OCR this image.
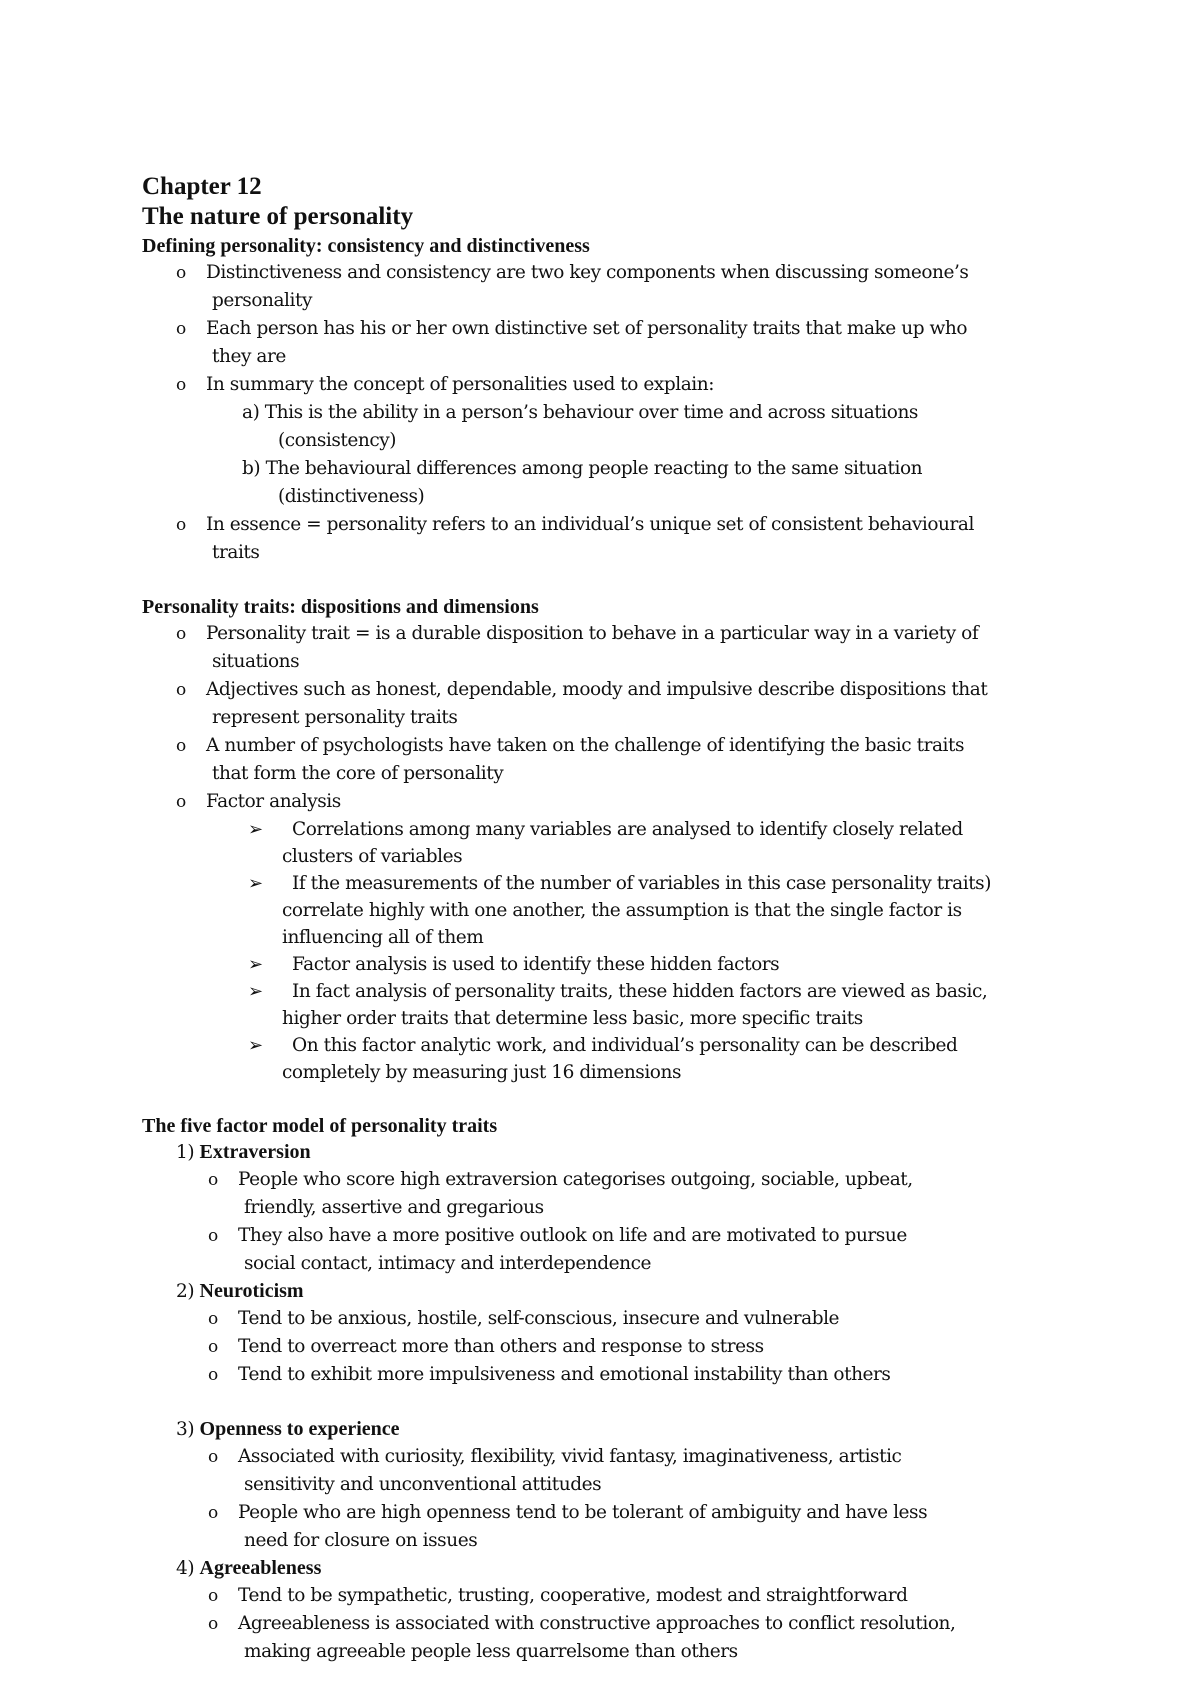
Chapter 12
The nature of personality
Defining personality: consistency and distinctiveness
o	Distinctiveness and consistency are two key components when discussing someone’s
personality
o	Each person has his or her own distinctive set of personality traits that make up who
they are
o	In summary the concept of personalities used to explain:
a) This is the ability in a person’s behaviour over time and across situations
(consistency)
b) The behavioural differences among people reacting to the same situation
(distinctiveness)
o	In essence = personality refers to an individual’s unique set of consistent behavioural
traits
Personality traits: dispositions and dimensions
o	Personality trait = is a durable disposition to behave in a particular way in a variety of
situations
o	Adjectives such as honest, dependable, moody and impulsive describe dispositions that
represent personality traits
o	A number of psychologists have taken on the challenge of identifying the basic traits
that form the core of personality
o	Factor analysis
➢ Correlations among many variables are analysed to identify closely related
clusters of variables
➢ If the measurements of the number of variables in this case personality traits)
correlate highly with one another, the assumption is that the single factor is
influencing all of them
➢ Factor analysis is used to identify these hidden factors
➢ In fact analysis of personality traits, these hidden factors are viewed as basic,
higher order traits that determine less basic, more specific traits
➢ On this factor analytic work, and individual’s personality can be described
completely by measuring just 16 dimensions
The five factor model of personality traits
1) Extraversion
o	People who score high extraversion categorises outgoing, sociable, upbeat,

friendly, assertive and gregarious
o	They also have a more positive outlook on life and are motivated to pursue

social contact, intimacy and interdependence
2) Neuroticism
o	Tend to be anxious, hostile, self-conscious, insecure and vulnerable
o	Tend to overreact more than others and response to stress
o	Tend to exhibit more impulsiveness and emotional instability than others
3) Openness to experience
o	Associated with curiosity, flexibility, vivid fantasy, imaginativeness, artistic

sensitivity and unconventional attitudes
o	People who are high openness tend to be tolerant of ambiguity and have less

need for closure on issues
4) Agreeableness
o	Tend to be sympathetic, trusting, cooperative, modest and straightforward
o	Agreeableness is associated with constructive approaches to conflict resolution,

making agreeable people less quarrelsome than others
